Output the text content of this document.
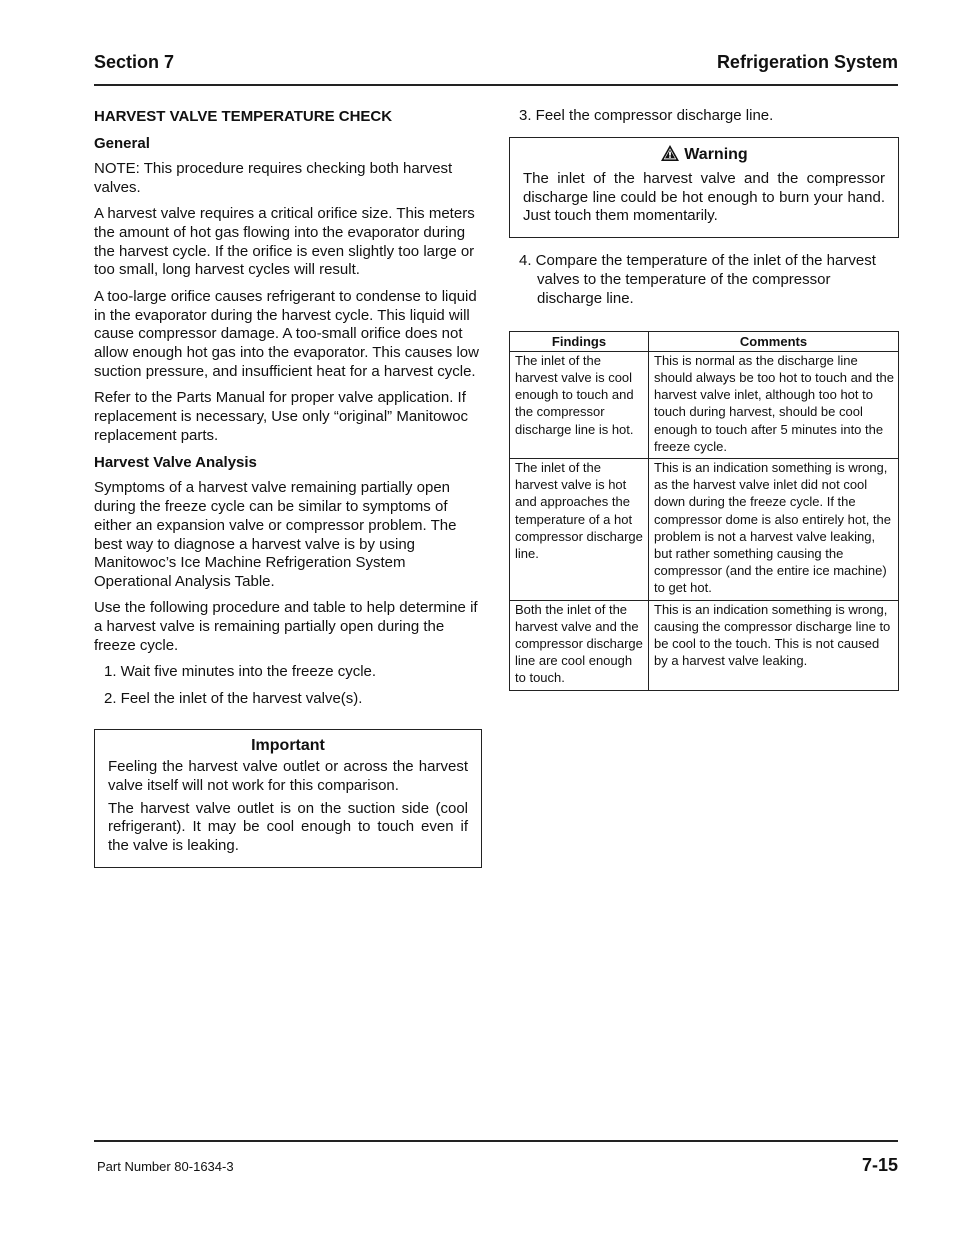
Section 7	Refrigeration System
HARVEST VALVE TEMPERATURE CHECK
General

NOTE: This procedure requires checking both harvest valves.

A harvest valve requires a critical orifice size. This meters the amount of hot gas flowing into the evaporator during the harvest cycle. If the orifice is even slightly too large or too small, long harvest cycles will result.

A too-large orifice causes refrigerant to condense to liquid in the evaporator during the harvest cycle. This liquid will cause compressor damage. A too-small orifice does not allow enough hot gas into the evaporator. This causes low suction pressure, and insufficient heat for a harvest cycle.

Refer to the Parts Manual for proper valve application. If replacement is necessary, Use only “original” Manitowoc replacement parts.

Harvest Valve Analysis

Symptoms of a harvest valve remaining partially open during the freeze cycle can be similar to symptoms of either an expansion valve or compressor problem. The best way to diagnose a harvest valve is by using Manitowoc’s Ice Machine Refrigeration System Operational Analysis Table.

Use the following procedure and table to help determine if a harvest valve is remaining partially open during the freeze cycle.

1. Wait five minutes into the freeze cycle.
2. Feel the inlet of the harvest valve(s).
Important

Feeling the harvest valve outlet or across the harvest valve itself will not work for this comparison.

The harvest valve outlet is on the suction side (cool refrigerant). It may be cool enough to touch even if the valve is leaking.

3. Feel the compressor discharge line.
Warning

The inlet of the harvest valve and the compressor discharge line could be hot enough to burn your hand. Just touch them momentarily.

4. Compare the temperature of the inlet of the harvest valves to the temperature of the compressor discharge line.
Findings	Comments
The inlet of the harvest valve is cool enough to touch and the compressor discharge line is hot.	This is normal as the discharge line should always be too hot to touch and the harvest valve inlet, although too hot to touch during harvest, should be cool enough to touch after 5 minutes into the freeze cycle.
The inlet of the harvest valve is hot and approaches the temperature of a hot compressor discharge line.	This is an indication something is wrong, as the harvest valve inlet did not cool down during the freeze cycle. If the compressor dome is also entirely hot, the problem is not a harvest valve leaking, but rather something causing the compressor (and the entire ice machine) to get hot.
Both the inlet of the harvest valve and the compressor discharge line are cool enough to touch.	This is an indication something is wrong, causing the compressor discharge line to be cool to the touch. This is not caused by a harvest valve leaking.
Part Number 80-1634-3	7-15
